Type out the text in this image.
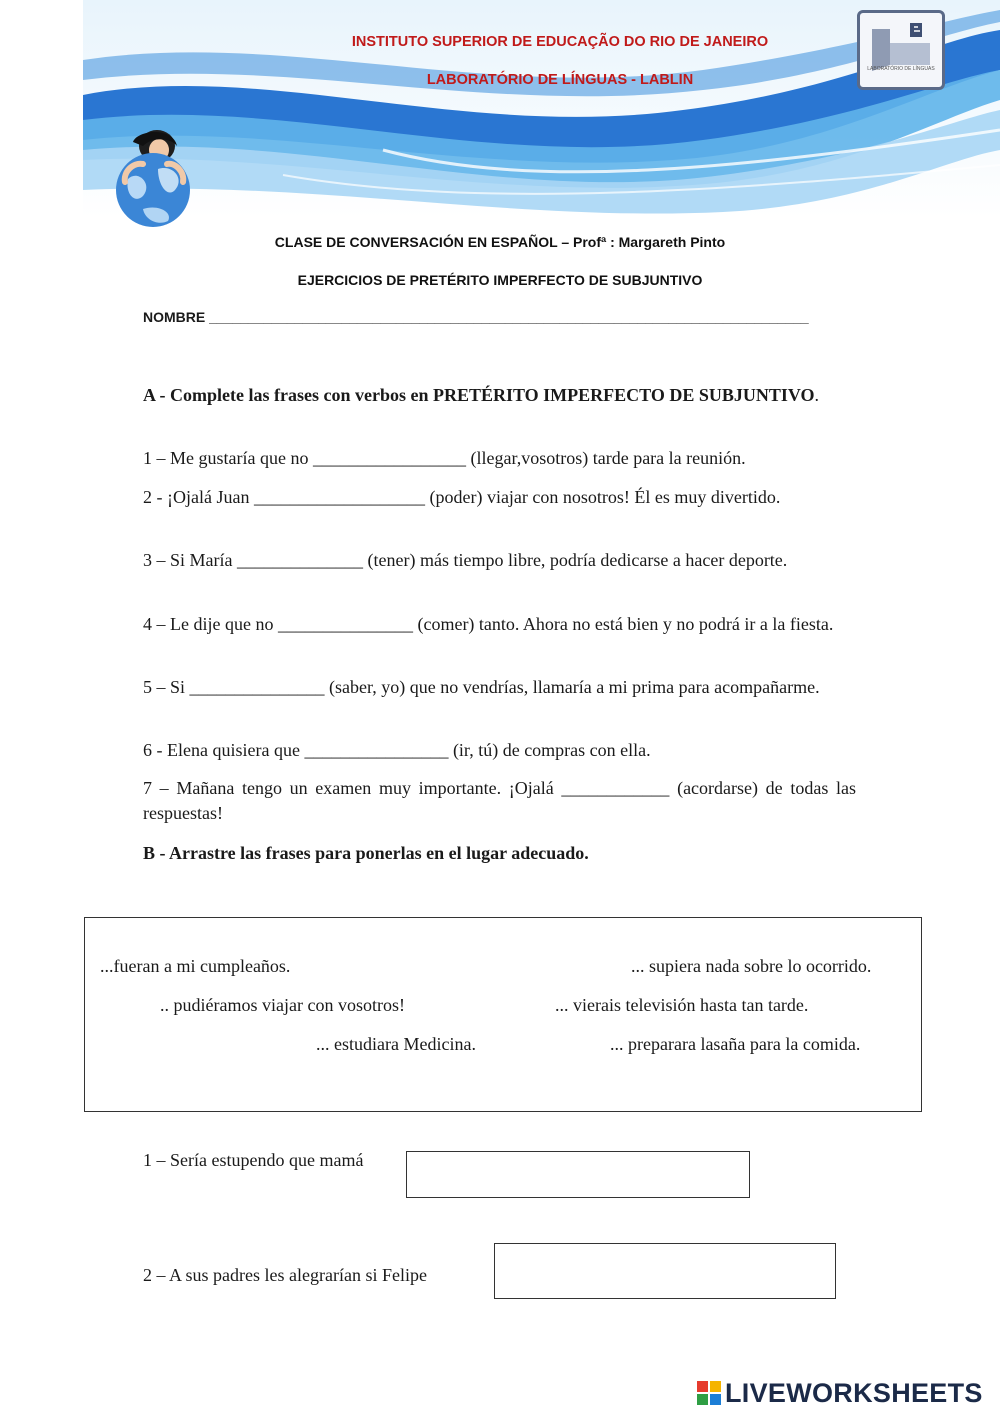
INSTITUTO SUPERIOR DE EDUCAÇÃO DO RIO DE JANEIRO
LABORATÓRIO DE LÍNGUAS - LABLIN
LABORATÓRIO DE LÍNGUAS
CLASE DE CONVERSACIÓN EN ESPAÑOL – Profª : Margareth Pinto
EJERCICIOS DE PRETÉRITO IMPERFECTO DE SUBJUNTIVO
NOMBRE _____________________________________________________________________________
A - Complete las frases con verbos en PRETÉRITO IMPERFECTO DE SUBJUNTIVO.
1 – Me gustaría que no _________________ (llegar,vosotros) tarde para la reunión.
2 - ¡Ojalá Juan ___________________ (poder) viajar con nosotros! Él es muy divertido.
3 – Si María ______________ (tener) más tiempo libre, podría dedicarse a hacer deporte.
4 – Le dije que no _______________ (comer) tanto. Ahora no está bien y no podrá ir a la fiesta.
5 – Si _______________ (saber, yo) que no vendrías, llamaría a mi prima para acompañarme.
6 - Elena quisiera que ________________ (ir, tú) de compras con ella.
7 – Mañana tengo un examen muy importante. ¡Ojalá ____________ (acordarse) de todas las respuestas!
B - Arrastre las frases para ponerlas en el lugar adecuado.
...fueran a mi cumpleaños.	... supiera nada sobre lo ocorrido.
.. pudiéramos viajar con vosotros!	... vierais televisión hasta tan tarde.
... estudiara Medicina.	... preparara lasaña para la comida.
1 – Sería estupendo que mamá
2 – A sus padres les alegrarían si Felipe
LIVEWORKSHEETS
